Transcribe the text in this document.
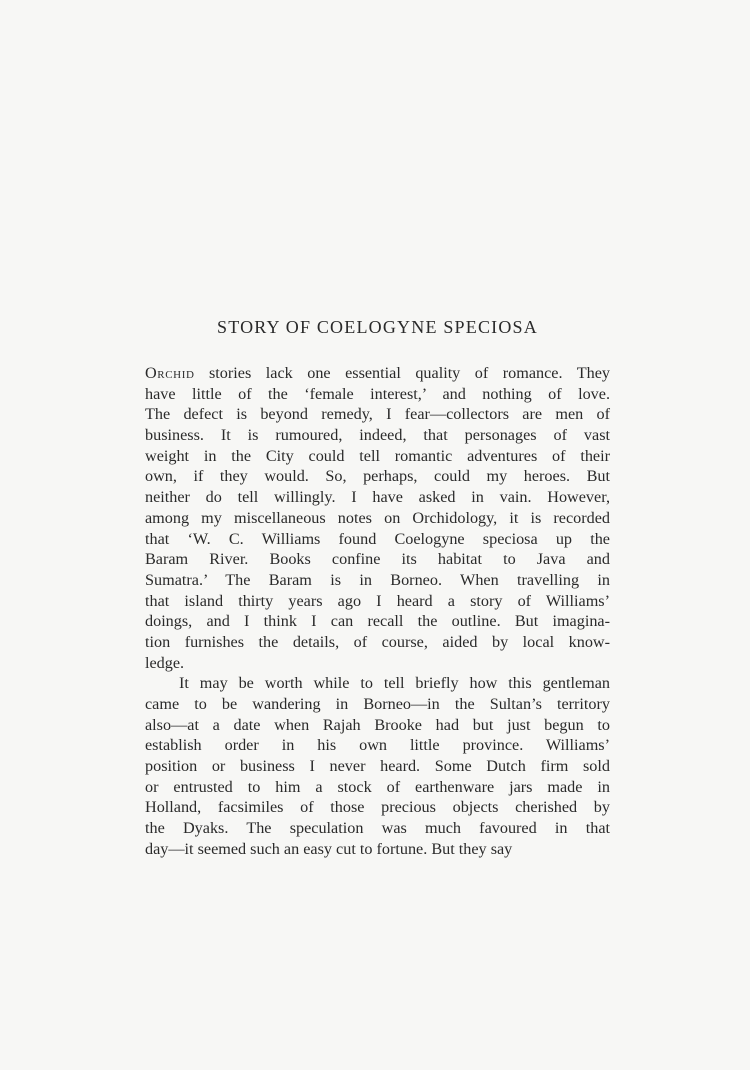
STORY OF COELOGYNE SPECIOSA
Orchid stories lack one essential quality of romance. They
have little of the ‘female interest,’ and nothing of love.
The defect is beyond remedy, I fear—collectors are men of
business. It is rumoured, indeed, that personages of vast
weight in the City could tell romantic adventures of their
own, if they would. So, perhaps, could my heroes. But
neither do tell willingly. I have asked in vain. However,
among my miscellaneous notes on Orchidology, it is recorded
that ‘W. C. Williams found Coelogyne speciosa up the
Baram River. Books confine its habitat to Java and
Sumatra.’ The Baram is in Borneo. When travelling in
that island thirty years ago I heard a story of Williams’
doings, and I think I can recall the outline. But imagina-
tion furnishes the details, of course, aided by local know-
ledge.
It may be worth while to tell briefly how this gentleman
came to be wandering in Borneo—in the Sultan’s territory
also—at a date when Rajah Brooke had but just begun to
establish order in his own little province. Williams’
position or business I never heard. Some Dutch firm sold
or entrusted to him a stock of earthenware jars made in
Holland, facsimiles of those precious objects cherished by
the Dyaks. The speculation was much favoured in that
day—it seemed such an easy cut to fortune. But they say
